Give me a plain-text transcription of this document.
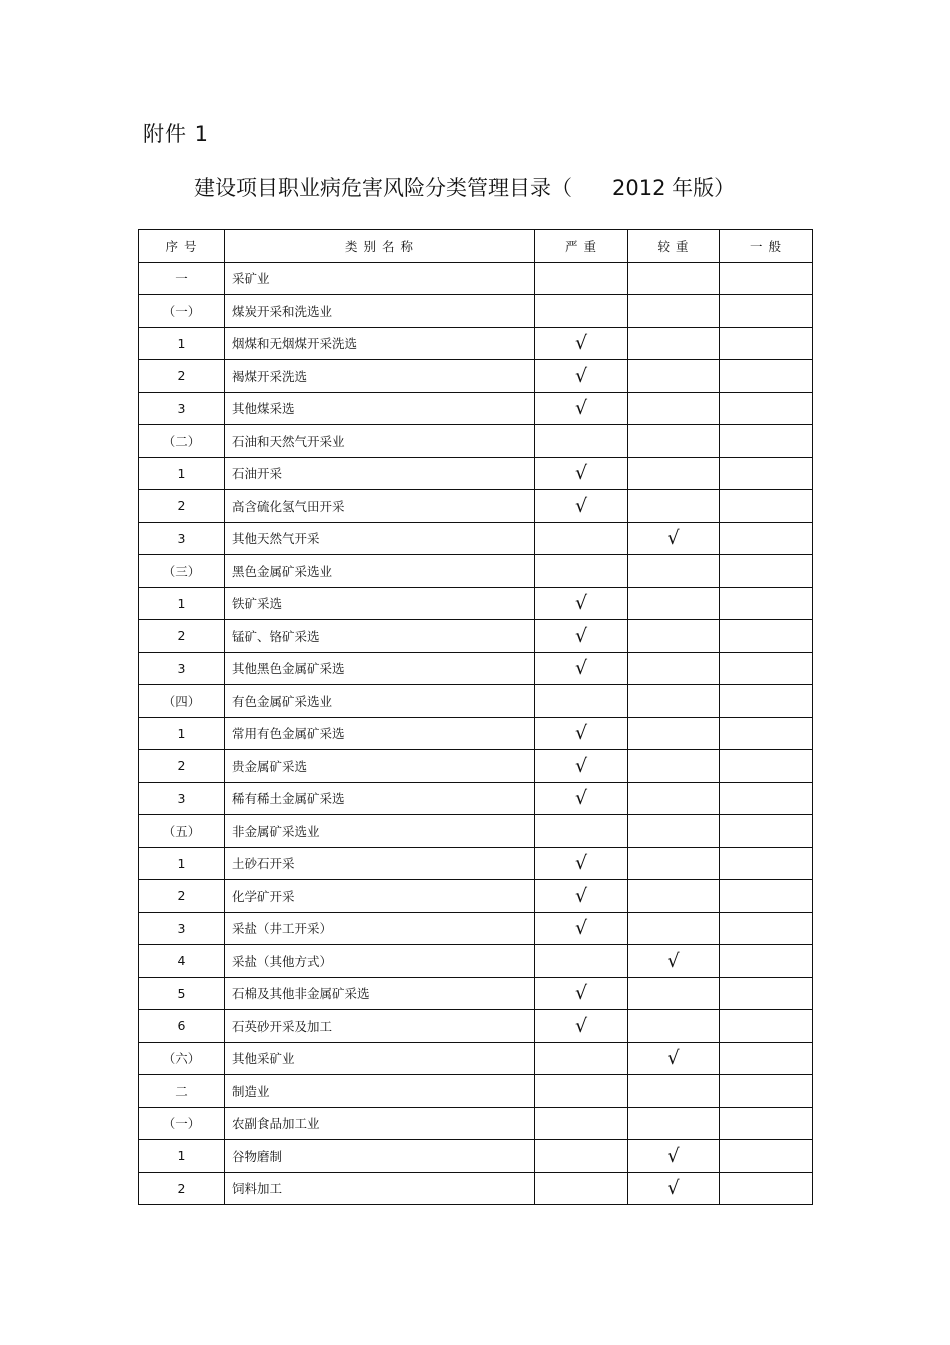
附件 1
建设项目职业病危害风险分类管理目录（      2012 年版）
序 号	类 别 名 称	严 重	较 重	一 般
一	采矿业			
（一）	煤炭开采和洗选业			
1	烟煤和无烟煤开采洗选	√		
2	褐煤开采洗选	√		
3	其他煤采选	√		
（二）	石油和天然气开采业			
1	石油开采	√		
2	高含硫化氢气田开采	√		
3	其他天然气开采		√	
（三）	黑色金属矿采选业			
1	铁矿采选	√		
2	锰矿、铬矿采选	√		
3	其他黑色金属矿采选	√		
（四）	有色金属矿采选业			
1	常用有色金属矿采选	√		
2	贵金属矿采选	√		
3	稀有稀土金属矿采选	√		
（五）	非金属矿采选业			
1	土砂石开采	√		
2	化学矿开采	√		
3	采盐（井工开采）	√		
4	采盐（其他方式）		√	
5	石棉及其他非金属矿采选	√		
6	石英砂开采及加工	√		
（六）	其他采矿业		√	
二	制造业			
（一）	农副食品加工业			
1	谷物磨制		√	
2	饲料加工		√	
